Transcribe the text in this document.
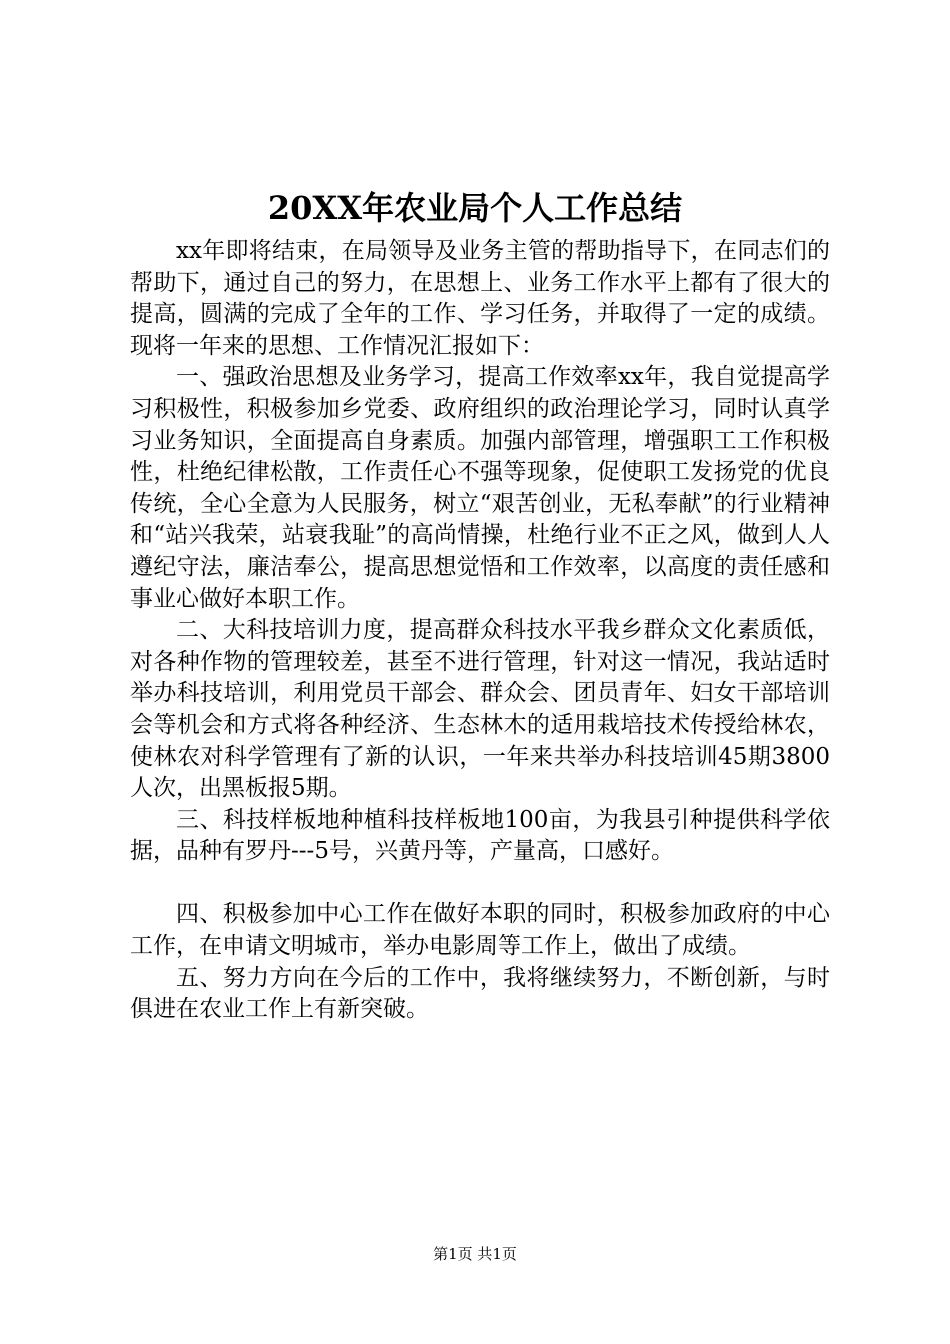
20XX年农业局个人工作总结

xx年即将结束，在局领导及业务主管的帮助指导下，在同志们的帮助下，通过自己的努力，在思想上、业务工作水平上都有了很大的提高，圆满的完成了全年的工作、学习任务，并取得了一定的成绩。现将一年来的思想、工作情况汇报如下：

一、强政治思想及业务学习，提高工作效率xx年，我自觉提高学习积极性，积极参加乡党委、政府组织的政治理论学习，同时认真学习业务知识，全面提高自身素质。加强内部管理，增强职工工作积极性，杜绝纪律松散，工作责任心不强等现象，促使职工发扬党的优良传统，全心全意为人民服务，树立“艰苦创业，无私奉献”的行业精神和“站兴我荣，站衰我耻”的高尚情操，杜绝行业不正之风，做到人人遵纪守法，廉洁奉公，提高思想觉悟和工作效率，以高度的责任感和事业心做好本职工作。

二、大科技培训力度，提高群众科技水平我乡群众文化素质低，对各种作物的管理较差，甚至不进行管理，针对这一情况，我站适时举办科技培训，利用党员干部会、群众会、团员青年、妇女干部培训会等机会和方式将各种经济、生态林木的适用栽培技术传授给林农，使林农对科学管理有了新的认识，一年来共举办科技培训45期3800人次，出黑板报5期。

三、科技样板地种植科技样板地100亩，为我县引种提供科学依据，品种有罗丹---5号，兴黄丹等，产量高，口感好。

四、积极参加中心工作在做好本职的同时，积极参加政府的中心工作，在申请文明城市，举办电影周等工作上，做出了成绩。

五、努力方向在今后的工作中，我将继续努力，不断创新，与时俱进在农业工作上有新突破。

第1页 共1页
